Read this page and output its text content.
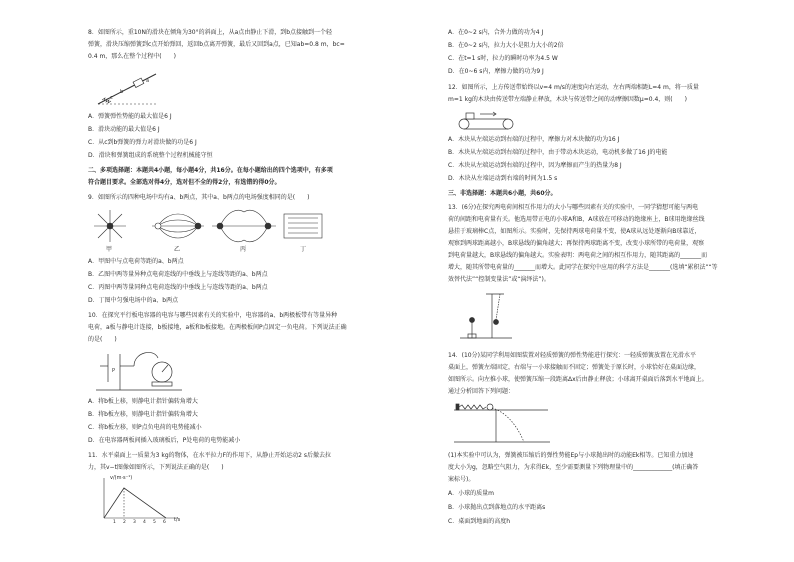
8．如图所示，重10N的滑块在倾角为30°的斜面上，从a点由静止下滑，到b点接触到一个轻
弹簧，滑块压缩弹簧到c点开始弹回，返回b点离开弹簧，最后又回到a点，已知ab=0.8 m，bc=
0.4 m，那么在整个过程中(　　)
a
b
c
A．弹簧弹性势能的最大值是6 J
B．滑块动能的最大值是6 J
C．从c到b弹簧的弹力对滑块做的功是6 J
D．滑块和弹簧组成的系统整个过程机械能守恒
二、多项选择题：本题共4小题，每小题4分，共16分。在每小题给出的四个选项中，有多项
符合题目要求。全部选对得4分，选对但不全的得2分，有选错的得0分。
9．如图所示的四种电场中均有a、b两点，其中a、b两点的电场强度相同的是(　　)
甲	乙	丙	丁
A．甲图中与点电荷等距的a、b两点
B．乙图中两等量异种点电荷连线的中垂线上与连线等距的a、b两点
C．丙图中两等量同种点电荷连线的中垂线上与连线等距的a、b两点
D．丁图中匀强电场中的a、b两点
10．在探究平行板电容器的电容与哪些因素有关的实验中，电容器的a、b两极板带有等量异种
电荷，a板与静电计连接，b板接地，a板和b板接地。在两极板间P点固定一负电荷。下列说法正确
的是(　　)
P
A．将b板上移，则静电计指针偏转角增大
B．将b板左移，则静电计指针偏转角增大
C．将b板左移，则P点负电荷的电势能减小
D．在电容器两板间插入玻璃板后，P处电荷的电势能减小
11．水平桌面上一质量为3 kg的物体，在水平拉力F的作用下，从静止开始运动2 s后撤去拉
力，其v−t图像如图所示，下列说法正确的是(　　)
v/(m·s⁻¹)
t/s
1 2 3 4 5 6
A．在0~2 s内，合外力做的功为4 J
B．在0~2 s内，拉力大小是阻力大小的2倍
C．在t=1 s时，拉力的瞬时功率为4.5 W
D．在0~6 s内，摩擦力做的功为9 J
12．如图所示，上方传送带始终以v=4 m/s的速度向右运动，左右两端相距L=4 m，将一质量
m=1 kg的木块由传送带左端静止释放，木块与传送带之间的动摩擦因数μ=0.4，则(　　)
A．木块从左端运动到右端的过程中，摩擦力对木块做的功为16 J
B．木块从左端运动到右端的过程中，由于带动木块运动，电动机多做了16 J的电能
C．木块从左端运动到右端的过程中，因为摩擦而产生的热量为8 J
D．木块从左端运动到右端的时间为1.5 s
三、非选择题：本题共6小题，共60分。
13．(6分)在探究两电荷间相互作用力的大小与哪些因素有关的实验中，一同学猜想可能与两电
荷的间距和电荷量有关。他选用带正电的小球A和B，A球放在可移动的绝缘座上，B球用绝缘丝线
悬挂于玻璃棒C点，如图所示。实验时，先保持两球电荷量不变，使A球从远处逐渐向B球靠近，
观察到两球距离越小，B球悬线的偏角越大；再保持两球距离不变，改变小球所带的电荷量，观察
到电荷量越大，B球悬线的偏角越大。实验表明：两电荷之间的相互作用力，随其距离的_______而
增大，随其所带电荷量的_______而增大。此同学在探究中应用的科学方法是_______(选填“累积法”“等
效替代法”“控制变量法”或“演绎法”)。
14．(10分)某同学利用如图装置对轻质弹簧的弹性势能进行探究：一轻质弹簧放置在光滑水平
桌面上，弹簧左端固定，右端与一小球接触而不固定；弹簧处于原长时，小球恰好在桌面边缘，
如图所示。向左推小球，使弹簧压缩一段距离Δx后由静止释放；小球离开桌面后落到水平地面上。
通过分析回答下列问题：
(1)本实验中可认为，弹簧被压缩后的弹性势能Ep与小球抛出时的动能Ek相等。已知重力加速
度大小为g，忽略空气阻力，为求得Ek，至少需要测量下列物理量中的_____________(填正确答
案标号)。
A．小球的质量m
B．小球抛出点到落地点的水平距离s
C．桌面到地面的高度h
